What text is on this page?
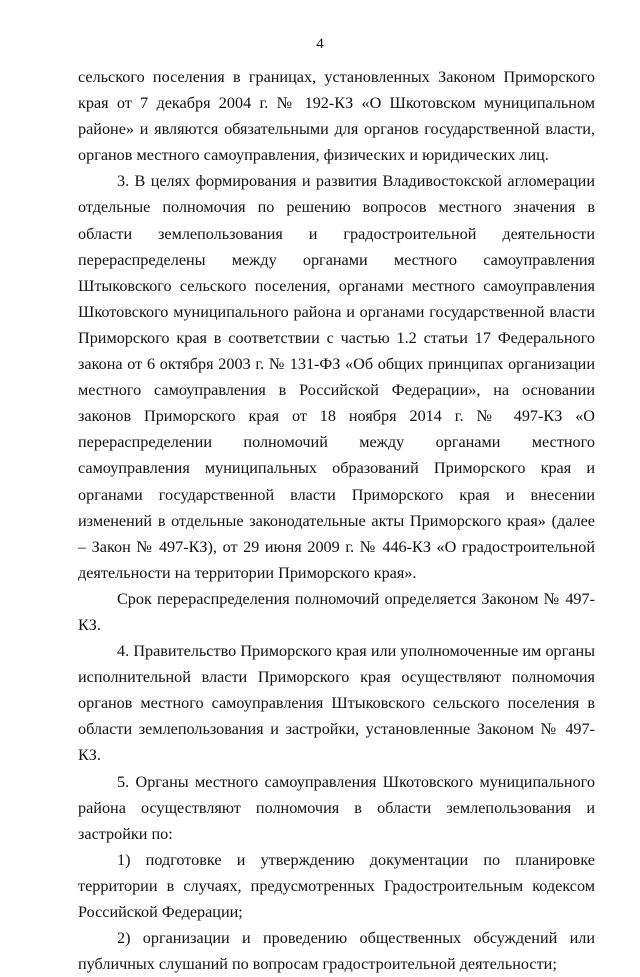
4

сельского поселения в границах, установленных Законом Приморского края от 7 декабря 2004 г. № 192-КЗ «О Шкотовском муниципальном районе» и являются обязательными для органов государственной власти, органов местного самоуправления, физических и юридических лиц.

3. В целях формирования и развития Владивостокской агломерации отдельные полномочия по решению вопросов местного значения в области землепользования и градостроительной деятельности перераспределены между органами местного самоуправления Штыковского сельского поселения, органами местного самоуправления Шкотовского муниципального района и органами государственной власти Приморского края в соответствии с частью 1.2 статьи 17 Федерального закона от 6 октября 2003 г. № 131-ФЗ «Об общих принципах организации местного самоуправления в Российской Федерации», на основании законов Приморского края от 18 ноября 2014 г. № 497-КЗ «О перераспределении полномочий между органами местного самоуправления муниципальных образований Приморского края и органами государственной власти Приморского края и внесении изменений в отдельные законодательные акты Приморского края» (далее – Закон № 497-КЗ), от 29 июня 2009 г. № 446-КЗ «О градостроительной деятельности на территории Приморского края».

Срок перераспределения полномочий определяется Законом № 497-КЗ.

4. Правительство Приморского края или уполномоченные им органы исполнительной власти Приморского края осуществляют полномочия органов местного самоуправления Штыковского сельского поселения в области землепользования и застройки, установленные Законом № 497-КЗ.

5. Органы местного самоуправления Шкотовского муниципального района осуществляют полномочия в области землепользования и застройки по:

1) подготовке и утверждению документации по планировке территории в случаях, предусмотренных Градостроительным кодексом Российской Федерации;

2) организации и проведению общественных обсуждений или публичных слушаний по вопросам градостроительной деятельности;
